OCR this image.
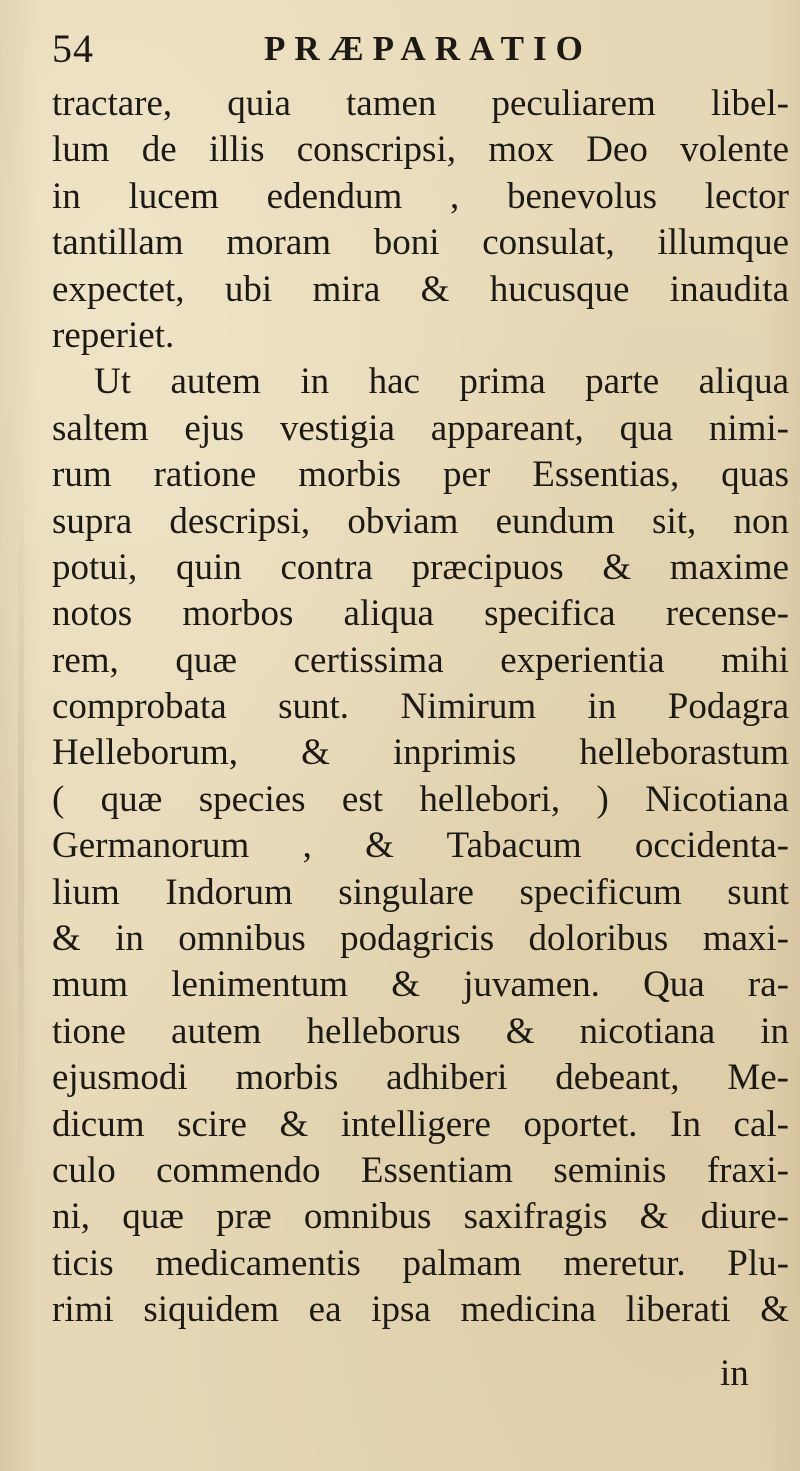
54	PRÆPARATIO
tractare, quia tamen peculiarem libel-
lum de illis conscripsi, mox Deo volente
in lucem edendum , benevolus lector
tantillam moram boni consulat, illumque
expectet, ubi mira & hucusque inaudita
reperiet.
Ut autem in hac prima parte aliqua
saltem ejus vestigia appareant, qua nimi-
rum ratione morbis per Essentias, quas
supra descripsi, obviam eundum sit, non
potui, quin contra præcipuos & maxime
notos morbos aliqua specifica recense-
rem, quæ certissima experientia mihi
comprobata sunt. Nimirum in Podagra
Helleborum, & inprimis helleborastum
( quæ species est hellebori, ) Nicotiana
Germanorum , & Tabacum occidenta-
lium Indorum singulare specificum sunt
& in omnibus podagricis doloribus maxi-
mum lenimentum & juvamen. Qua ra-
tione autem helleborus & nicotiana in
ejusmodi morbis adhiberi debeant, Me-
dicum scire & intelligere oportet. In cal-
culo commendo Essentiam seminis fraxi-
ni, quæ præ omnibus saxifragis & diure-
ticis medicamentis palmam meretur. Plu-
rimi siquidem ea ipsa medicina liberati &
in
